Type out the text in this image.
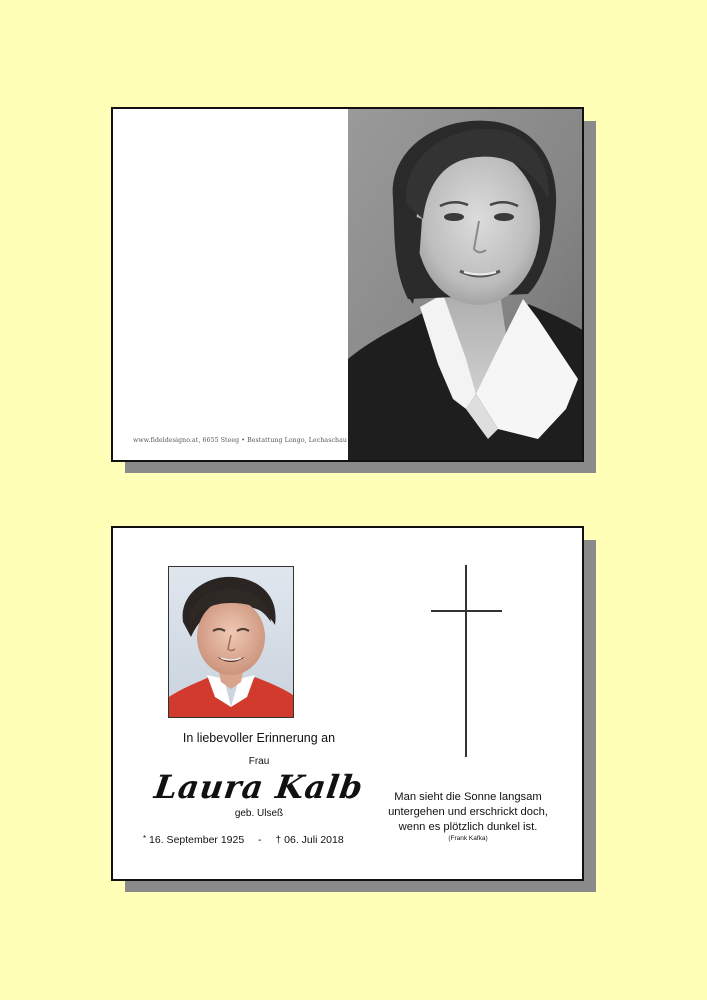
www.fideldesigno.at, 6655 Steeg • Bestattung Longo, Lechaschau
In liebevoller Erinnerung an
Frau
Laura Kalb
geb. Ulseß
* 16. September 1925 - † 06. Juli 2018
Man sieht die Sonne langsam
untergehen und erschrickt doch,
wenn es plötzlich dunkel ist.
(Frank Kafka)
